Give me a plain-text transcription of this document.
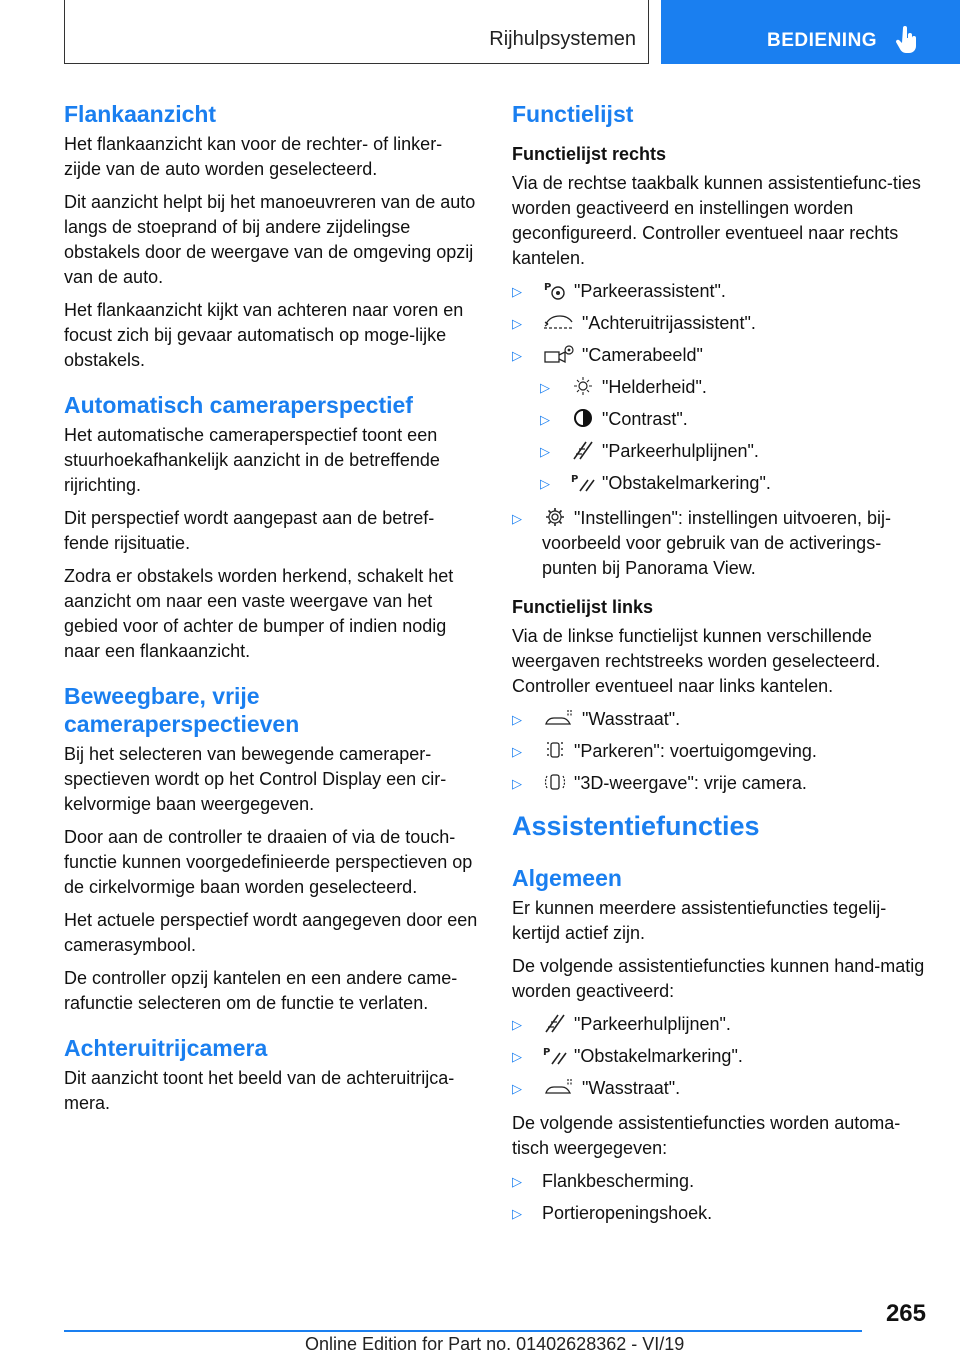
Rijhulpsystemen	BEDIENING
Flankaanzicht

Het flankaanzicht kan voor de rechter- of linker-zijde van de auto worden geselecteerd.

Dit aanzicht helpt bij het manoeuvreren van de auto langs de stoeprand of bij andere zijdelingse obstakels door de weergave van de omgeving opzij van de auto.

Het flankaanzicht kijkt van achteren naar voren en focust zich bij gevaar automatisch op moge-lijke obstakels.

Automatisch cameraperspectief

Het automatische cameraperspectief toont een stuurhoekafhankelijk aanzicht in de betreffende rijrichting.

Dit perspectief wordt aangepast aan de betref-fende rijsituatie.

Zodra er obstakels worden herkend, schakelt het aanzicht om naar een vaste weergave van het gebied voor of achter de bumper of indien nodig naar een flankaanzicht.

Beweegbare, vrije cameraperspectieven

Bij het selecteren van bewegende cameraper-spectieven wordt op het Control Display een cir-kelvormige baan weergegeven.

Door aan de controller te draaien of via de touch-functie kunnen voorgedefinieerde perspectieven op de cirkelvormige baan worden geselecteerd.

Het actuele perspectief wordt aangegeven door een camerasymbool.

De controller opzij kantelen en een andere came-rafunctie selecteren om de functie te verlaten.

Achteruitrijcamera

Dit aanzicht toont het beeld van de achteruitrijca-mera.

Functielijst
Functielijst rechts

Via de rechtse taakbalk kunnen assistentiefunc-ties worden geactiveerd en instellingen worden geconfigureerd. Controller eventueel naar rechts kantelen.

▷ P "Parkeerassistent".
▷	"Achteruitrijassistent".
▷	"Camerabeeld"
▷	"Helderheid".
▷	"Contrast".
▷	"Parkeerhulplijnen".
▷ P "Obstakelmarkering".
▷	"Instellingen": instellingen uitvoeren, bij-voorbeeld voor gebruik van de activerings-punten bij Panorama View.
Functielijst links

Via de linkse functielijst kunnen verschillende weergaven rechtstreeks worden geselecteerd. Controller eventueel naar links kantelen.

▷	"Wasstraat".
▷	"Parkeren": voertuigomgeving.
▷	"3D-weergave": vrije camera.
Assistentiefuncties
Algemeen

Er kunnen meerdere assistentiefuncties tegelij-kertijd actief zijn.

De volgende assistentiefuncties kunnen hand-matig worden geactiveerd:

▷	"Parkeerhulplijnen".
▷ P "Obstakelmarkering".
▷	"Wasstraat".

De volgende assistentiefuncties worden automa-tisch weergegeven:

▷ Flankbescherming.
▷ Portieropeningshoek.
265
Online Edition for Part no. 01402628362 - VI/19
